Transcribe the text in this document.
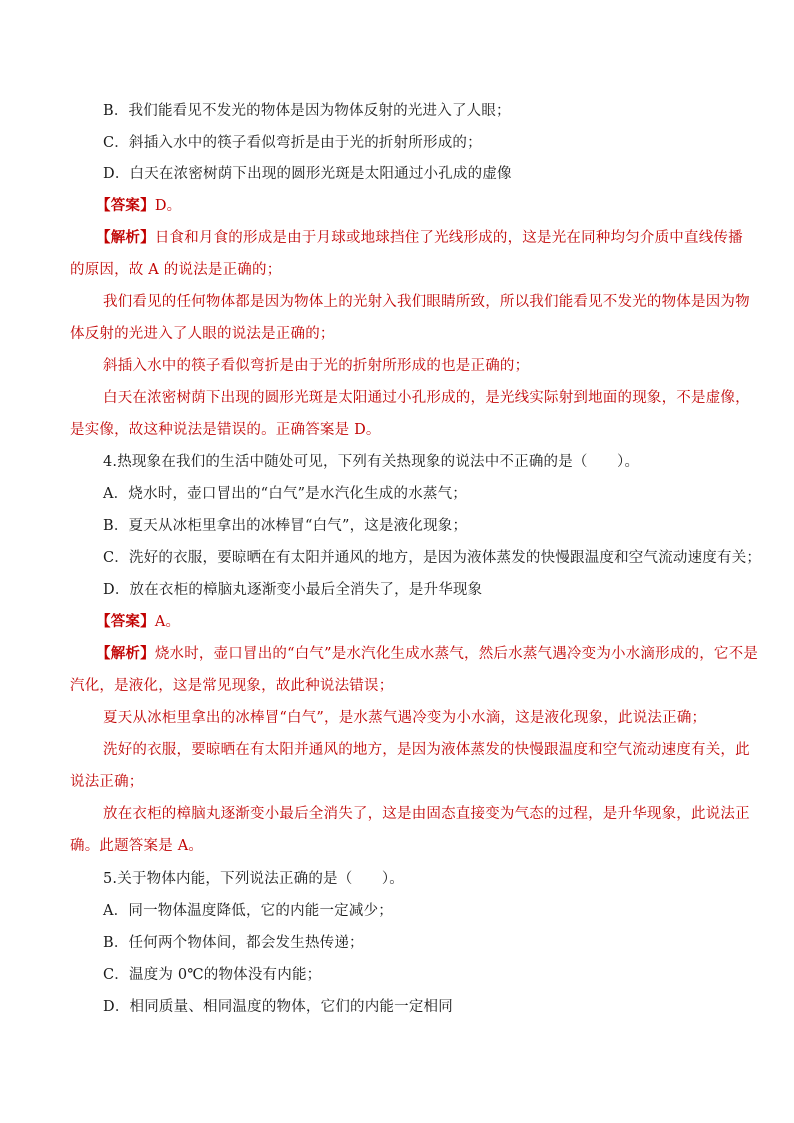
B．我们能看见不发光的物体是因为物体反射的光进入了人眼；
C．斜插入水中的筷子看似弯折是由于光的折射所形成的；
D．白天在浓密树荫下出现的圆形光斑是太阳通过小孔成的虚像
【答案】D。
【解析】日食和月食的形成是由于月球或地球挡住了光线形成的，这是光在同种均匀介质中直线传播
的原因，故 A 的说法是正确的；
我们看见的任何物体都是因为物体上的光射入我们眼睛所致，所以我们能看见不发光的物体是因为物
体反射的光进入了人眼的说法是正确的；
斜插入水中的筷子看似弯折是由于光的折射所形成的也是正确的；
白天在浓密树荫下出现的圆形光斑是太阳通过小孔形成的，是光线实际射到地面的现象，不是虚像，
是实像，故这种说法是错误的。正确答案是 D。
4.热现象在我们的生活中随处可见，下列有关热现象的说法中不正确的是（　　）。
A．烧水时，壶口冒出的“白气”是水汽化生成的水蒸气；
B．夏天从冰柜里拿出的冰棒冒“白气”，这是液化现象；
C．洗好的衣服，要晾晒在有太阳并通风的地方，是因为液体蒸发的快慢跟温度和空气流动速度有关；
D．放在衣柜的樟脑丸逐渐变小最后全消失了，是升华现象
【答案】A。
【解析】烧水时，壶口冒出的“白气”是水汽化生成水蒸气，然后水蒸气遇冷变为小水滴形成的，它不是
汽化，是液化，这是常见现象，故此种说法错误；
夏天从冰柜里拿出的冰棒冒“白气”，是水蒸气遇冷变为小水滴，这是液化现象，此说法正确；
洗好的衣服，要晾晒在有太阳并通风的地方，是因为液体蒸发的快慢跟温度和空气流动速度有关，此
说法正确；
放在衣柜的樟脑丸逐渐变小最后全消失了，这是由固态直接变为气态的过程，是升华现象，此说法正
确。此题答案是 A。
5.关于物体内能，下列说法正确的是（　　）。
A．同一物体温度降低，它的内能一定减少；
B．任何两个物体间，都会发生热传递；
C．温度为 0℃的物体没有内能；
D．相同质量、相同温度的物体，它们的内能一定相同
